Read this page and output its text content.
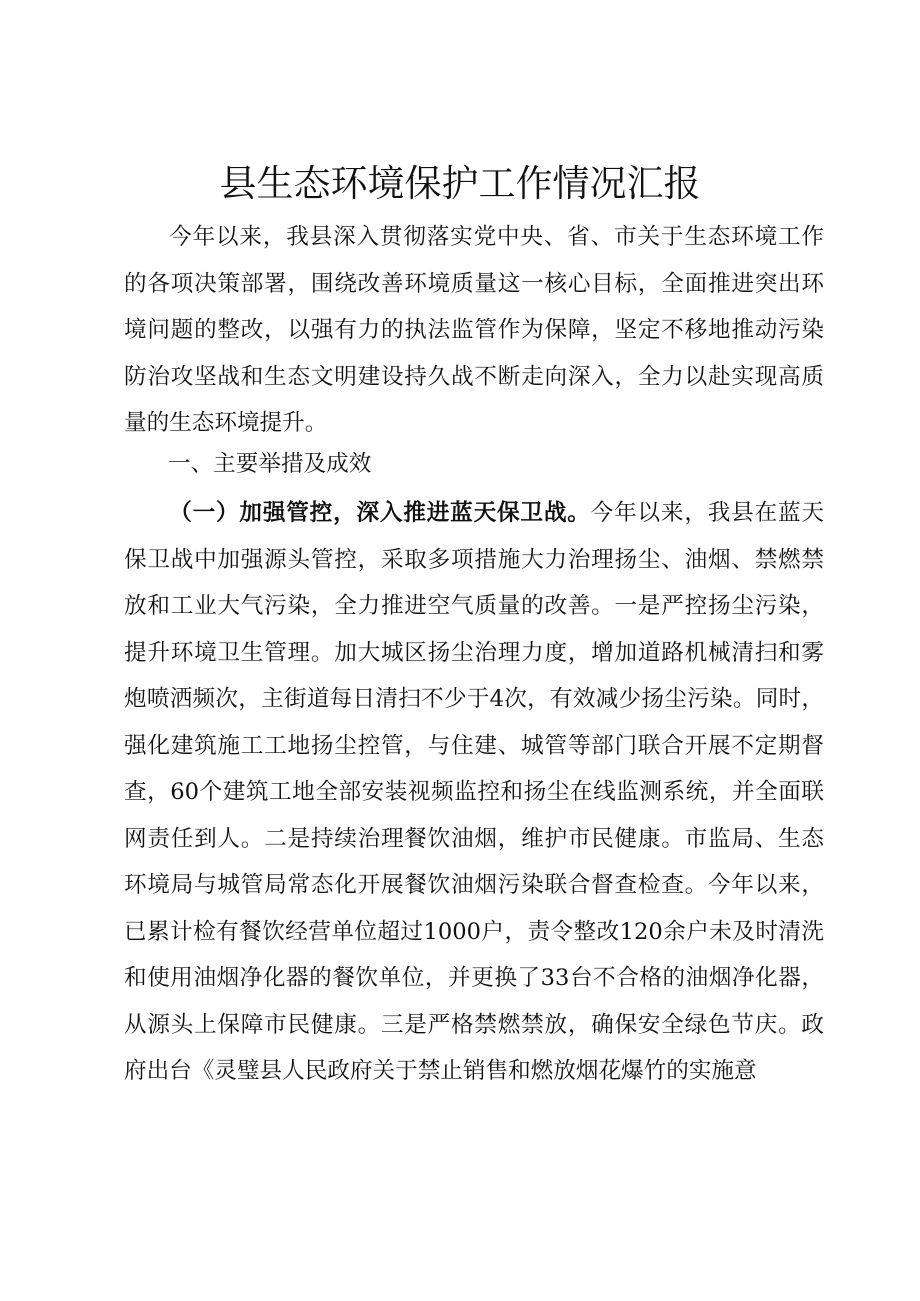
县生态环境保护工作情况汇报

今年以来，我县深入贯彻落实党中央、省、市关于生态环境工作的各项决策部署，围绕改善环境质量这一核心目标，全面推进突出环境问题的整改，以强有力的执法监管作为保障，坚定不移地推动污染防治攻坚战和生态文明建设持久战不断走向深入，全力以赴实现高质量的生态环境提升。

一、主要举措及成效

（一）加强管控，深入推进蓝天保卫战。今年以来，我县在蓝天保卫战中加强源头管控，采取多项措施大力治理扬尘、油烟、禁燃禁放和工业大气污染，全力推进空气质量的改善。一是严控扬尘污染，提升环境卫生管理。加大城区扬尘治理力度，增加道路机械清扫和雾炮喷洒频次，主街道每日清扫不少于4次，有效减少扬尘污染。同时，强化建筑施工工地扬尘控管，与住建、城管等部门联合开展不定期督查，60个建筑工地全部安装视频监控和扬尘在线监测系统，并全面联网责任到人。二是持续治理餐饮油烟，维护市民健康。市监局、生态环境局与城管局常态化开展餐饮油烟污染联合督查检查。今年以来，已累计检有餐饮经营单位超过1000户，责令整改120余户未及时清洗和使用油烟净化器的餐饮单位，并更换了33台不合格的油烟净化器，从源头上保障市民健康。三是严格禁燃禁放，确保安全绿色节庆。政府出台《灵璧县人民政府关于禁止销售和燃放烟花爆竹的实施意
